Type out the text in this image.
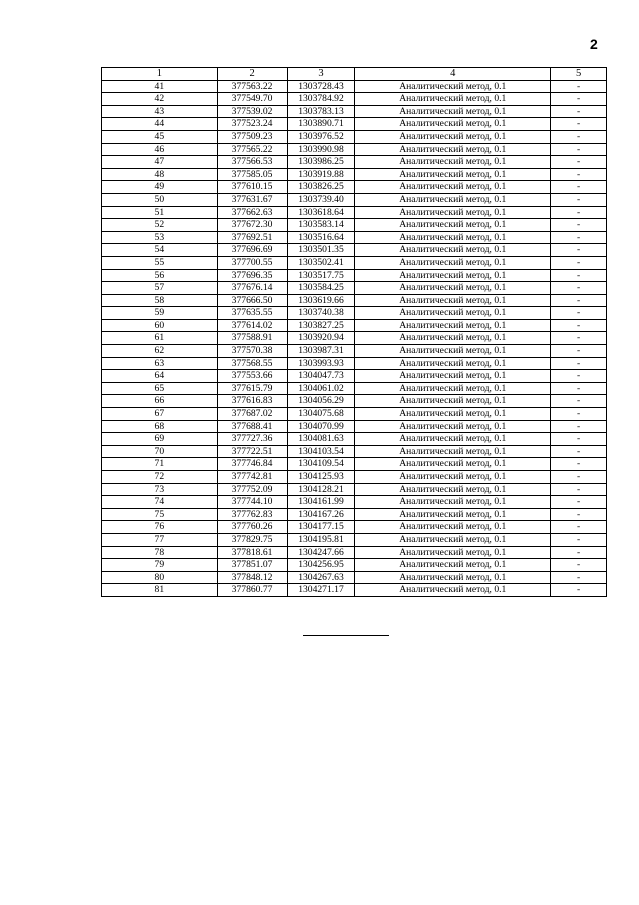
2
1	2	3	4	5
41	377563.22	1303728.43	Аналитический метод, 0.1	-
42	377549.70	1303784.92	Аналитический метод, 0.1	-
43	377539.02	1303783.13	Аналитический метод, 0.1	-
44	377523.24	1303890.71	Аналитический метод, 0.1	-
45	377509.23	1303976.52	Аналитический метод, 0.1	-
46	377565.22	1303990.98	Аналитический метод, 0.1	-
47	377566.53	1303986.25	Аналитический метод, 0.1	-
48	377585.05	1303919.88	Аналитический метод, 0.1	-
49	377610.15	1303826.25	Аналитический метод, 0.1	-
50	377631.67	1303739.40	Аналитический метод, 0.1	-
51	377662.63	1303618.64	Аналитический метод, 0.1	-
52	377672.30	1303583.14	Аналитический метод, 0.1	-
53	377692.51	1303516.64	Аналитический метод, 0.1	-
54	377696.69	1303501.35	Аналитический метод, 0.1	-
55	377700.55	1303502.41	Аналитический метод, 0.1	-
56	377696.35	1303517.75	Аналитический метод, 0.1	-
57	377676.14	1303584.25	Аналитический метод, 0.1	-
58	377666.50	1303619.66	Аналитический метод, 0.1	-
59	377635.55	1303740.38	Аналитический метод, 0.1	-
60	377614.02	1303827.25	Аналитический метод, 0.1	-
61	377588.91	1303920.94	Аналитический метод, 0.1	-
62	377570.38	1303987.31	Аналитический метод, 0.1	-
63	377568.55	1303993.93	Аналитический метод, 0.1	-
64	377553.66	1304047.73	Аналитический метод, 0.1	-
65	377615.79	1304061.02	Аналитический метод, 0.1	-
66	377616.83	1304056.29	Аналитический метод, 0.1	-
67	377687.02	1304075.68	Аналитический метод, 0.1	-
68	377688.41	1304070.99	Аналитический метод, 0.1	-
69	377727.36	1304081.63	Аналитический метод, 0.1	-
70	377722.51	1304103.54	Аналитический метод, 0.1	-
71	377746.84	1304109.54	Аналитический метод, 0.1	-
72	377742.81	1304125.93	Аналитический метод, 0.1	-
73	377752.09	1304128.21	Аналитический метод, 0.1	-
74	377744.10	1304161.99	Аналитический метод, 0.1	-
75	377762.83	1304167.26	Аналитический метод, 0.1	-
76	377760.26	1304177.15	Аналитический метод, 0.1	-
77	377829.75	1304195.81	Аналитический метод, 0.1	-
78	377818.61	1304247.66	Аналитический метод, 0.1	-
79	377851.07	1304256.95	Аналитический метод, 0.1	-
80	377848.12	1304267.63	Аналитический метод, 0.1	-
81	377860.77	1304271.17	Аналитический метод, 0.1	-
